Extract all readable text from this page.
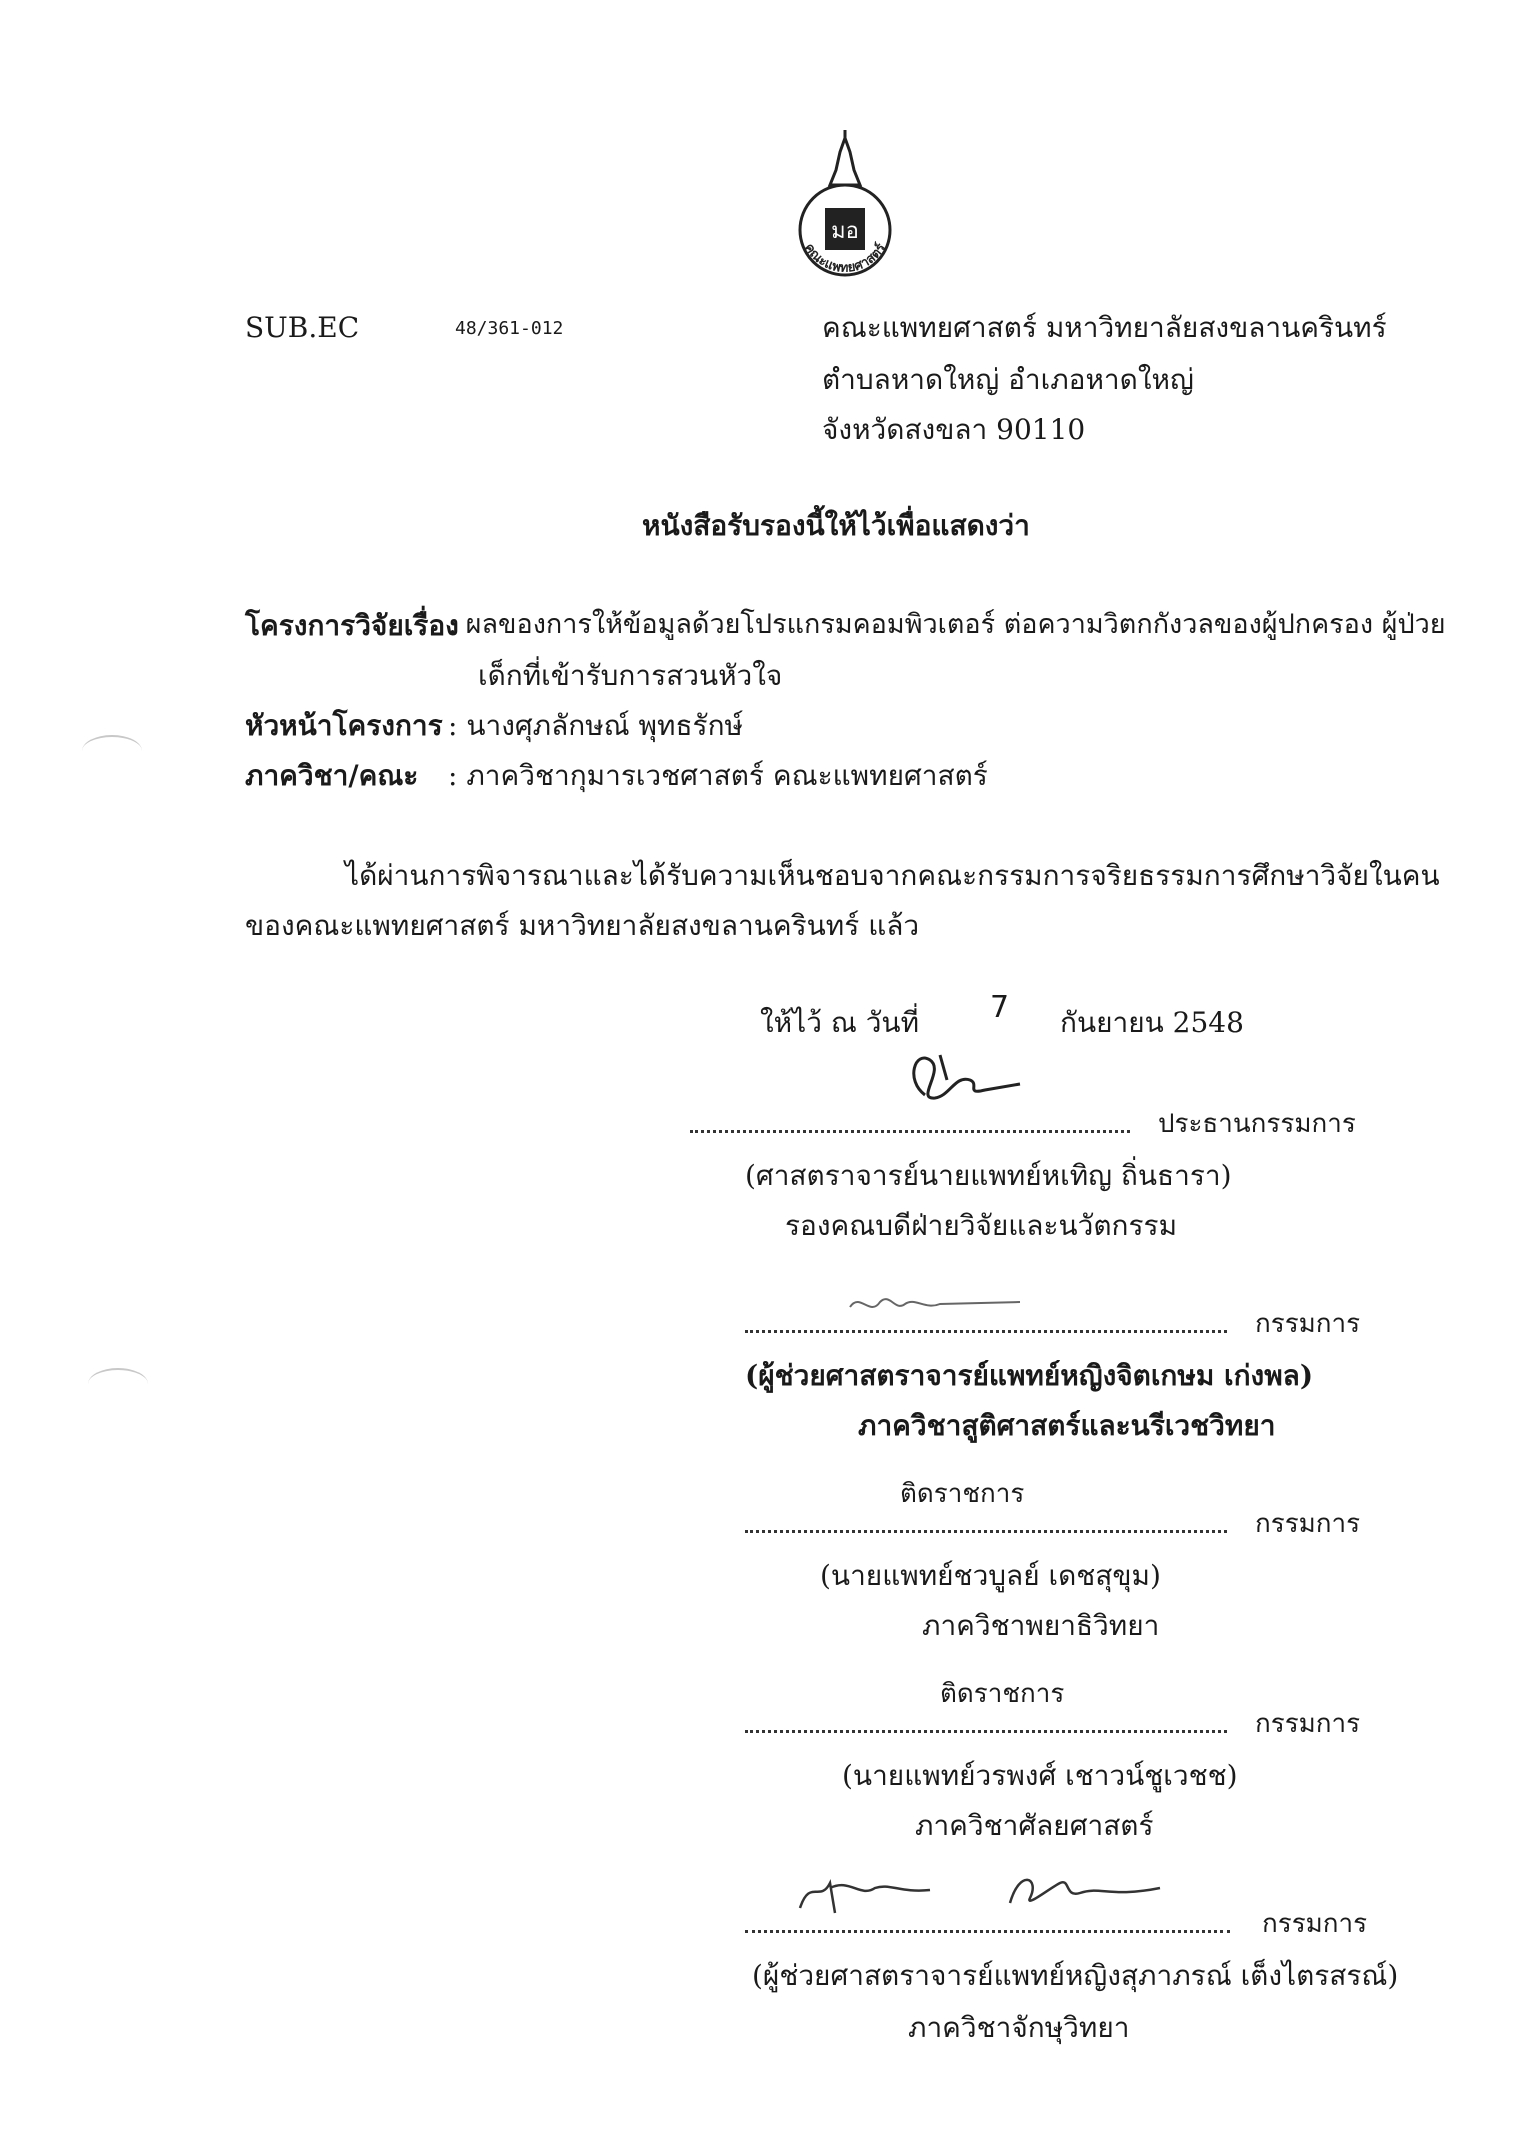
มอ
คณะแพทยศาสตร์
SUB.EC	48/361-012	คณะแพทยศาสตร์ มหาวิทยาลัยสงขลานครินทร์
ตำบลหาดใหญ่ อำเภอหาดใหญ่
จังหวัดสงขลา 90110
หนังสือรับรองนี้ให้ไว้เพื่อแสดงว่า
โครงการวิจัยเรื่อง
: ผลของการให้ข้อมูลด้วยโปรแกรมคอมพิวเตอร์ ต่อความวิตกกังวลของผู้ปกครอง ผู้ป่วย
เด็กที่เข้ารับการสวนหัวใจ
หัวหน้าโครงการ : นางศุภลักษณ์ พุทธรักษ์
ภาควิชา/คณะ : ภาควิชากุมารเวชศาสตร์ คณะแพทยศาสตร์
ได้ผ่านการพิจารณาและได้รับความเห็นชอบจากคณะกรรมการจริยธรรมการศึกษาวิจัยในคน
ของคณะแพทยศาสตร์ มหาวิทยาลัยสงขลานครินทร์ แล้ว
ให้ไว้ ณ วันที่ 7 กันยายน 2548
ประธานกรรมการ
(ศาสตราจารย์นายแพทย์หเทิญ ถิ่นธารา)
รองคณบดีฝ่ายวิจัยและนวัตกรรม
กรรมการ
(ผู้ช่วยศาสตราจารย์แพทย์หญิงจิตเกษม เก่งพล)
ภาควิชาสูติศาสตร์และนรีเวชวิทยา
ติดราชการ
กรรมการ
(นายแพทย์ชวบูลย์ เดชสุขุม)
ภาควิชาพยาธิวิทยา
ติดราชการ
กรรมการ
(นายแพทย์วรพงศ์ เชาวน์ชูเวชช)
ภาควิชาศัลยศาสตร์
กรรมการ
(ผู้ช่วยศาสตราจารย์แพทย์หญิงสุภาภรณ์ เต็งไตรสรณ์)
ภาควิชาจักษุวิทยา
